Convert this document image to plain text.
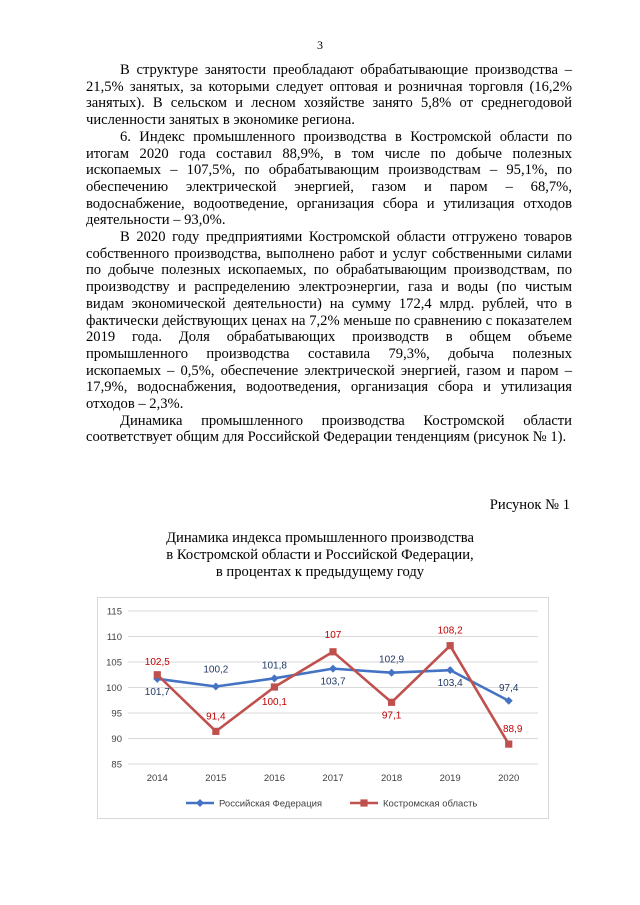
3

В структуре занятости преобладают обрабатывающие производства – 21,5% занятых, за которыми следует оптовая и розничная торговля (16,2% занятых). В сельском и лесном хозяйстве занято 5,8% от среднегодовой численности занятых в экономике региона.

6. Индекс промышленного производства в Костромской области по итогам 2020 года составил 88,9%, в том числе по добыче полезных ископаемых – 107,5%, по обрабатывающим производствам – 95,1%, по обеспечению электрической энергией, газом и паром – 68,7%, водоснабжение, водоотведение, организация сбора и утилизация отходов деятельности – 93,0%.

В 2020 году предприятиями Костромской области отгружено товаров собственного производства, выполнено работ и услуг собственными силами по добыче полезных ископаемых, по обрабатывающим производствам, по производству и распределению электроэнергии, газа и воды (по чистым видам экономической деятельности) на сумму 172,4 млрд. рублей, что в фактически действующих ценах на 7,2% меньше по сравнению с показателем 2019 года. Доля обрабатывающих производств в общем объеме промышленного производства составила 79,3%, добыча полезных ископаемых – 0,5%, обеспечение электрической энергией, газом и паром – 17,9%, водоснабжения, водоотведения, организация сбора и утилизация отходов – 2,3%.

Динамика промышленного производства Костромской области соответствует общим для Российской Федерации тенденциям (рисунок № 1).

Рисунок № 1
Динамика индекса промышленного производства
в Костромской области и Российской Федерации,
в процентах к предыдущему году
85
90
95
100
105
110
115
2014	2015	2016	2017	2018	2019	2020
101,7
100,2	101,8
103,7
102,9
103,4	97,4
102,5
91,4
100,1
107
97,1
108,2
88,9
Российская Федерация	Костромская область
